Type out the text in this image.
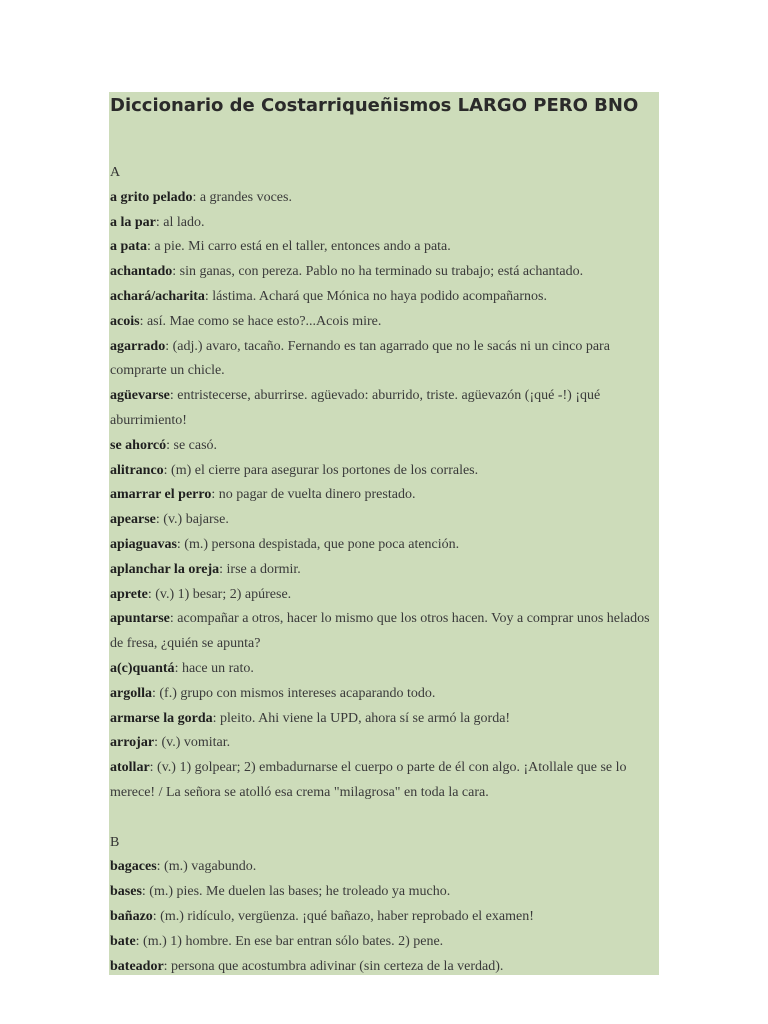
Diccionario de Costarriqueñismos LARGO PERO BNO
A

a grito pelado: a grandes voces.

a la par: al lado.

a pata: a pie. Mi carro está en el taller, entonces ando a pata.

achantado: sin ganas, con pereza. Pablo no ha terminado su trabajo; está achantado.

achará/acharita: lástima. Achará que Mónica no haya podido acompañarnos.

acois: así. Mae como se hace esto?...Acois mire.

agarrado: (adj.) avaro, tacaño. Fernando es tan agarrado que no le sacás ni un cinco para comprarte un chicle.

agüevarse: entristecerse, aburrirse. agüevado: aburrido, triste. agüevazón (¡qué -!) ¡qué aburrimiento!

se ahorcó: se casó.

alitranco: (m) el cierre para asegurar los portones de los corrales.

amarrar el perro: no pagar de vuelta dinero prestado.

apearse: (v.) bajarse.

apiaguavas: (m.) persona despistada, que pone poca atención.

aplanchar la oreja: irse a dormir.

aprete: (v.) 1) besar; 2) apúrese.

apuntarse: acompañar a otros, hacer lo mismo que los otros hacen. Voy a comprar unos helados de fresa, ¿quién se apunta?

a(c)quantá: hace un rato.

argolla: (f.) grupo con mismos intereses acaparando todo.

armarse la gorda: pleito. Ahi viene la UPD, ahora sí se armó la gorda!

arrojar: (v.) vomitar.

atollar: (v.) 1) golpear; 2) embadurnarse el cuerpo o parte de él con algo. ¡Atollale que se lo merece! / La señora se atolló esa crema "milagrosa" en toda la cara.

B

bagaces: (m.) vagabundo.

bases: (m.) pies. Me duelen las bases; he troleado ya mucho.

bañazo: (m.) ridículo, vergüenza. ¡qué bañazo, haber reprobado el examen!

bate: (m.) 1) hombre. En ese bar entran sólo bates. 2) pene.

bateador: persona que acostumbra adivinar (sin certeza de la verdad).
